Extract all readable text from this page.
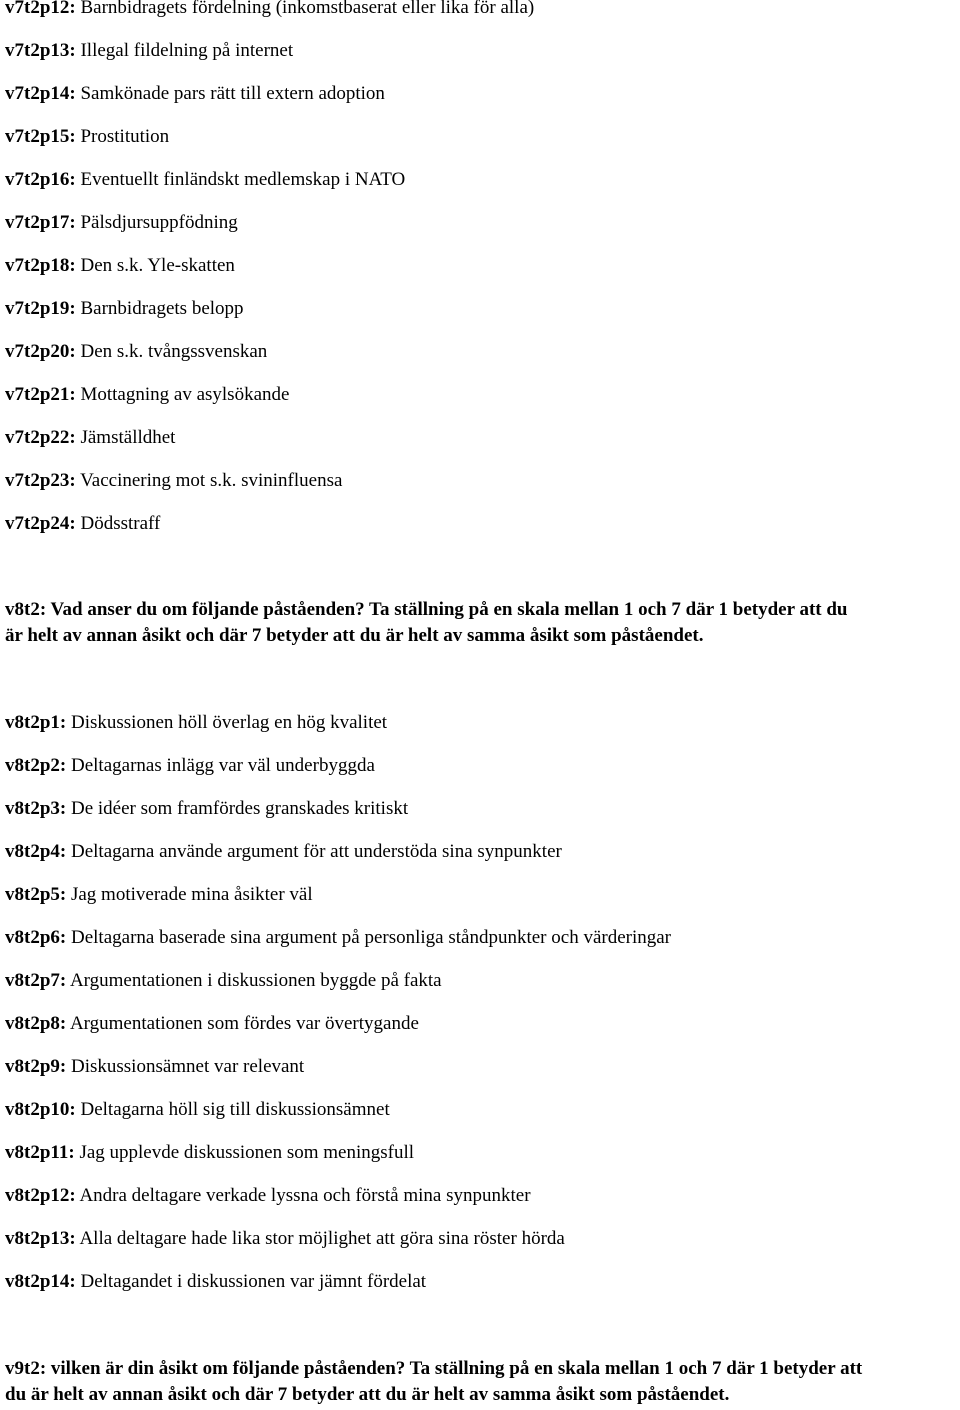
v7t2p12: Barnbidragets fördelning (inkomstbaserat eller lika för alla)

v7t2p13: Illegal fildelning på internet

v7t2p14: Samkönade pars rätt till extern adoption

v7t2p15: Prostitution

v7t2p16: Eventuellt finländskt medlemskap i NATO

v7t2p17: Pälsdjursuppfödning

v7t2p18: Den s.k. Yle-skatten

v7t2p19: Barnbidragets belopp

v7t2p20: Den s.k. tvångssvenskan

v7t2p21: Mottagning av asylsökande

v7t2p22: Jämställdhet

v7t2p23: Vaccinering mot s.k. svininfluensa

v7t2p24: Dödsstraff

v8t2: Vad anser du om följande påståenden? Ta ställning på en skala mellan 1 och 7 där 1 betyder att du
är helt av annan åsikt och där 7 betyder att du är helt av samma åsikt som påståendet.

v8t2p1: Diskussionen höll överlag en hög kvalitet

v8t2p2: Deltagarnas inlägg var väl underbyggda

v8t2p3: De idéer som framfördes granskades kritiskt

v8t2p4: Deltagarna använde argument för att understöda sina synpunkter

v8t2p5: Jag motiverade mina åsikter väl

v8t2p6: Deltagarna baserade sina argument på personliga ståndpunkter och värderingar

v8t2p7: Argumentationen i diskussionen byggde på fakta

v8t2p8: Argumentationen som fördes var övertygande

v8t2p9: Diskussionsämnet var relevant

v8t2p10: Deltagarna höll sig till diskussionsämnet

v8t2p11: Jag upplevde diskussionen som meningsfull

v8t2p12: Andra deltagare verkade lyssna och förstå mina synpunkter

v8t2p13: Alla deltagare hade lika stor möjlighet att göra sina röster hörda

v8t2p14: Deltagandet i diskussionen var jämnt fördelat

v9t2: vilken är din åsikt om följande påståenden? Ta ställning på en skala mellan 1 och 7 där 1 betyder att
du är helt av annan åsikt och där 7 betyder att du är helt av samma åsikt som påståendet.
